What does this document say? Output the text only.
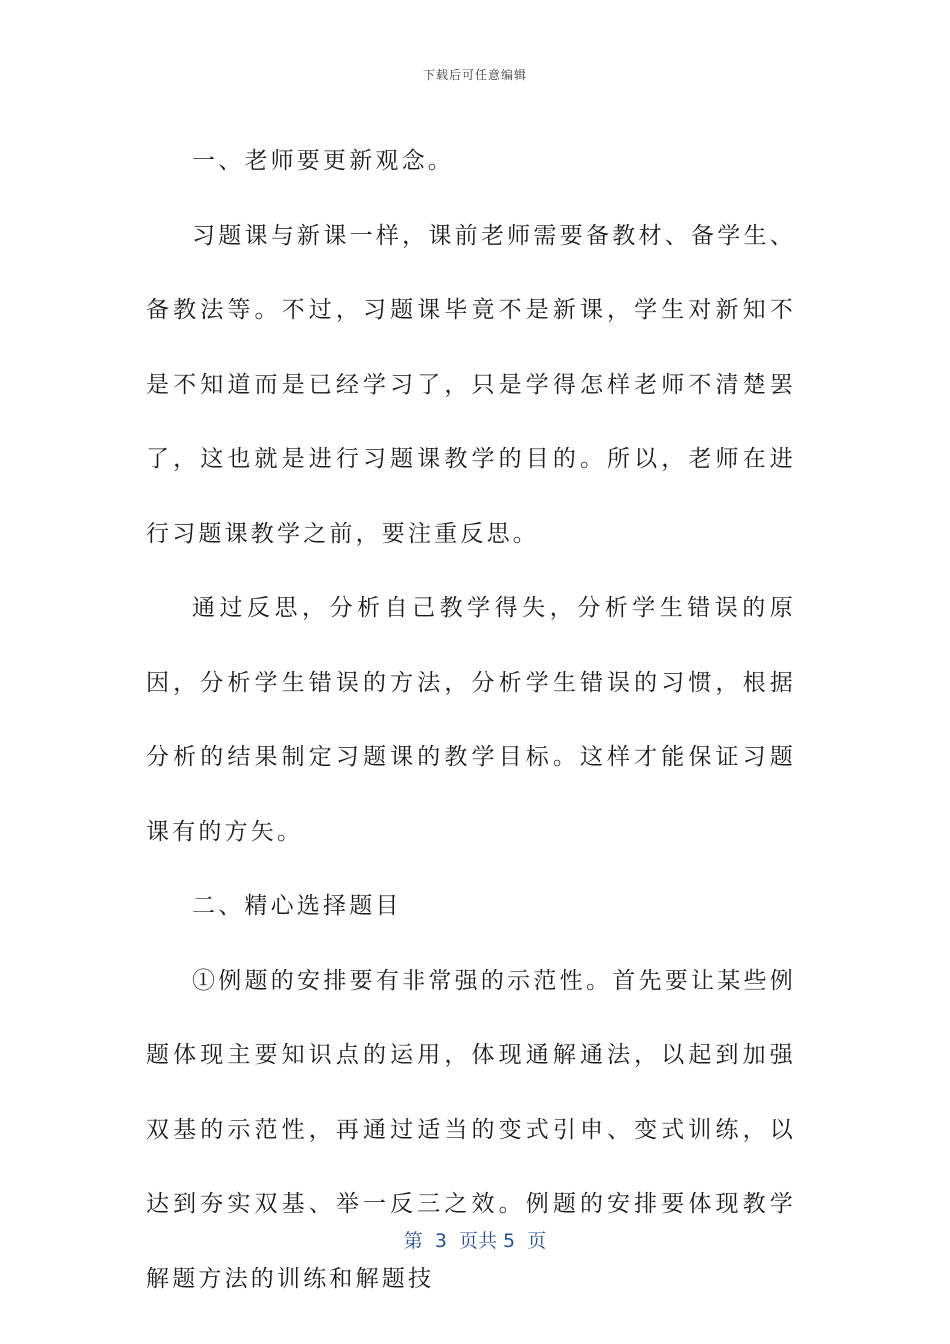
下载后可任意编辑

一、老师要更新观念。

习题课与新课一样，课前老师需要备教材、备学生、备教法等。不过，习题课毕竟不是新课，学生对新知不是不知道而是已经学习了，只是学得怎样老师不清楚罢了，这也就是进行习题课教学的目的。所以，老师在进行习题课教学之前，要注重反思。

通过反思，分析自己教学得失，分析学生错误的原因，分析学生错误的方法，分析学生错误的习惯，根据分析的结果制定习题课的教学目标。这样才能保证习题课有的方矢。

二、精心选择题目

①例题的安排要有非常强的示范性。首先要让某些例题体现主要知识点的运用，体现通解通法，以起到加强双基的示范性，再通过适当的变式引申、变式训练，以达到夯实双基、举一反三之效。例题的安排要体现教学解题方法的训练和解题技

第  3  页共 5  页
